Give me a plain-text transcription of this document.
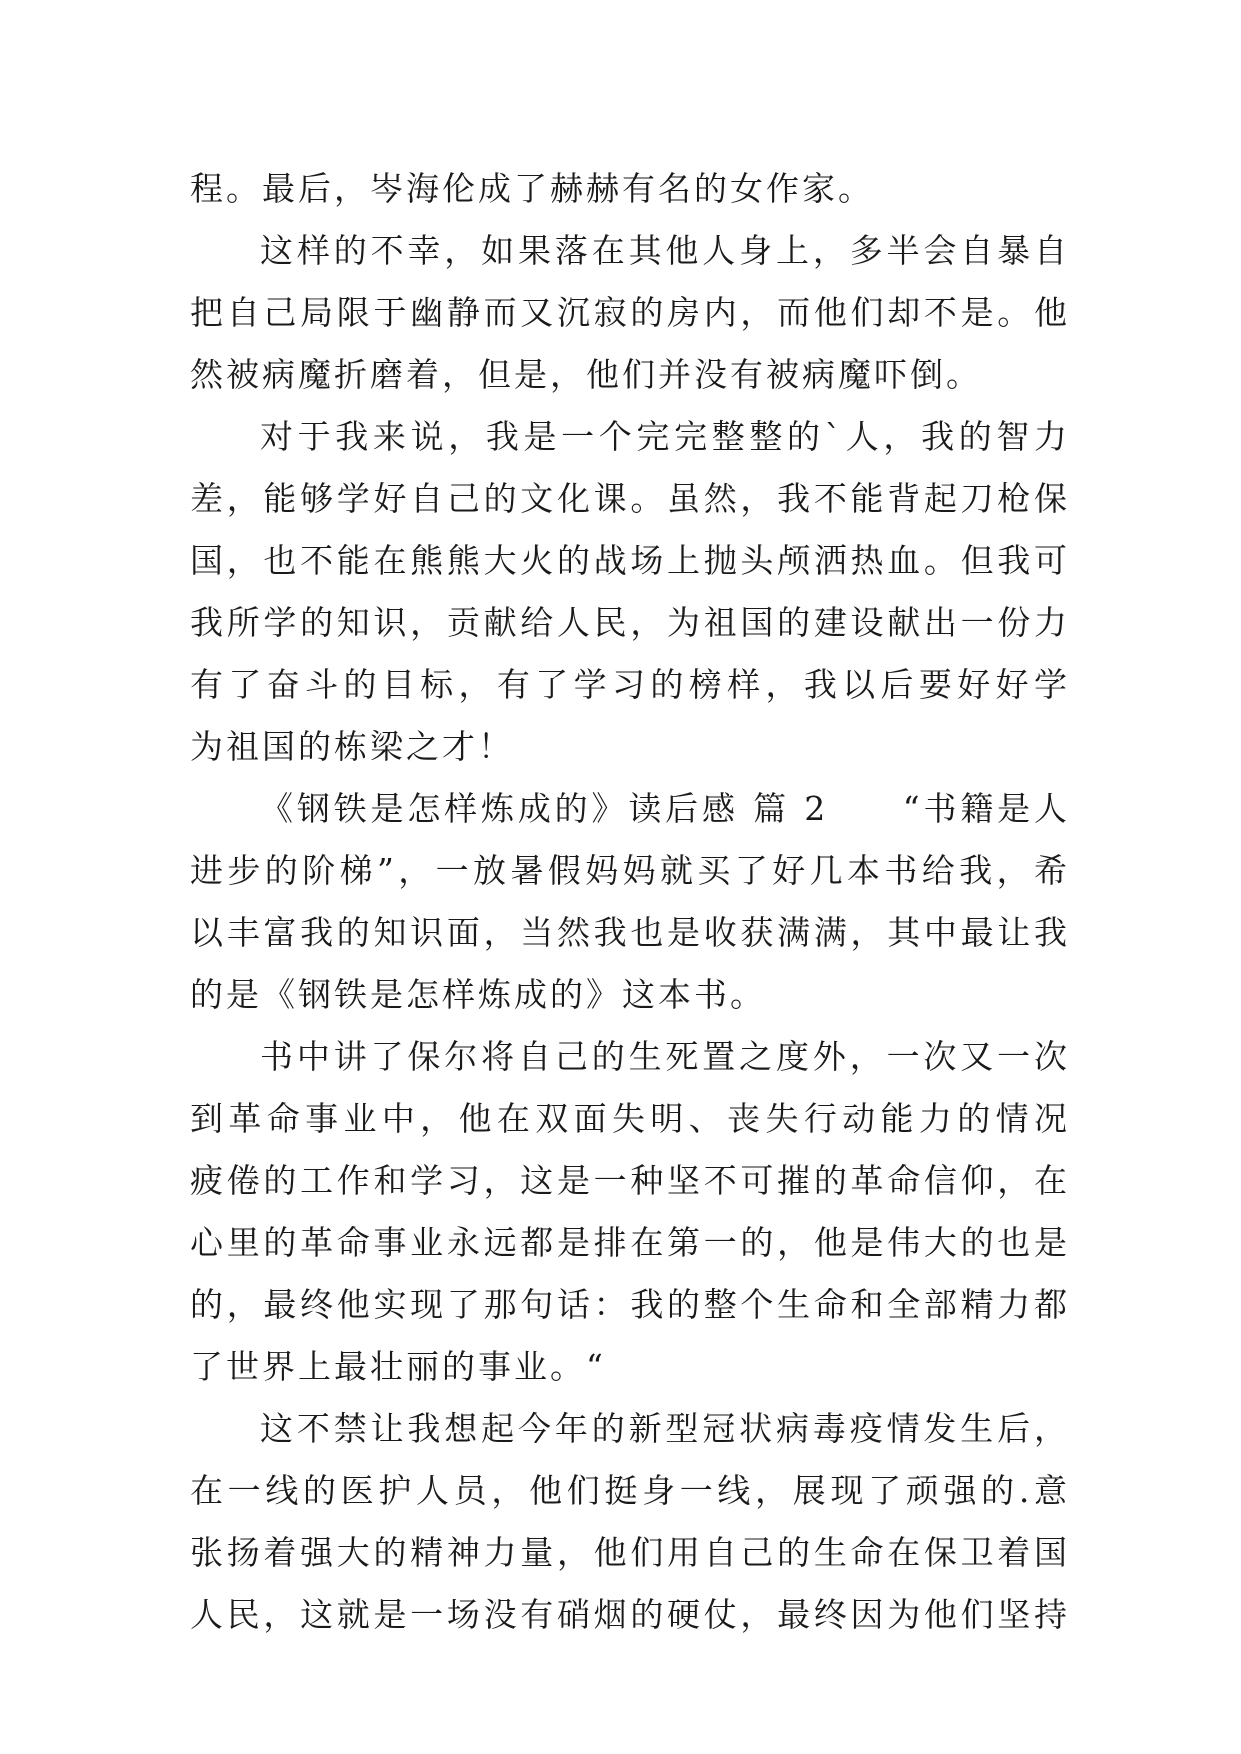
程。最后，岑海伦成了赫赫有名的女作家。
这样的不幸，如果落在其他人身上，多半会自暴自
把自己局限于幽静而又沉寂的房内，而他们却不是。他
然被病魔折磨着，但是，他们并没有被病魔吓倒。
对于我来说，我是一个完完整整的`人，我的智力
差，能够学好自己的文化课。虽然，我不能背起刀枪保
国，也不能在熊熊大火的战场上抛头颅洒热血。但我可
我所学的知识，贡献给人民，为祖国的建设献出一份力
有了奋斗的目标，有了学习的榜样，我以后要好好学
为祖国的栋梁之才！
《钢铁是怎样炼成的》读后感 篇 2　　“书籍是人
进步的阶梯”，一放暑假妈妈就买了好几本书给我，希
以丰富我的知识面，当然我也是收获满满，其中最让我
的是《钢铁是怎样炼成的》这本书。
书中讲了保尔将自己的生死置之度外，一次又一次
到革命事业中，他在双面失明、丧失行动能力的情况
疲倦的工作和学习，这是一种坚不可摧的革命信仰，在
心里的革命事业永远都是排在第一的，他是伟大的也是
的，最终他实现了那句话：我的整个生命和全部精力都
了世界上最壮丽的事业。“
这不禁让我想起今年的新型冠状病毒疫情发生后，
在一线的医护人员，他们挺身一线，展现了顽强的.意
张扬着强大的精神力量，他们用自己的生命在保卫着国
人民，这就是一场没有硝烟的硬仗，最终因为他们坚持
